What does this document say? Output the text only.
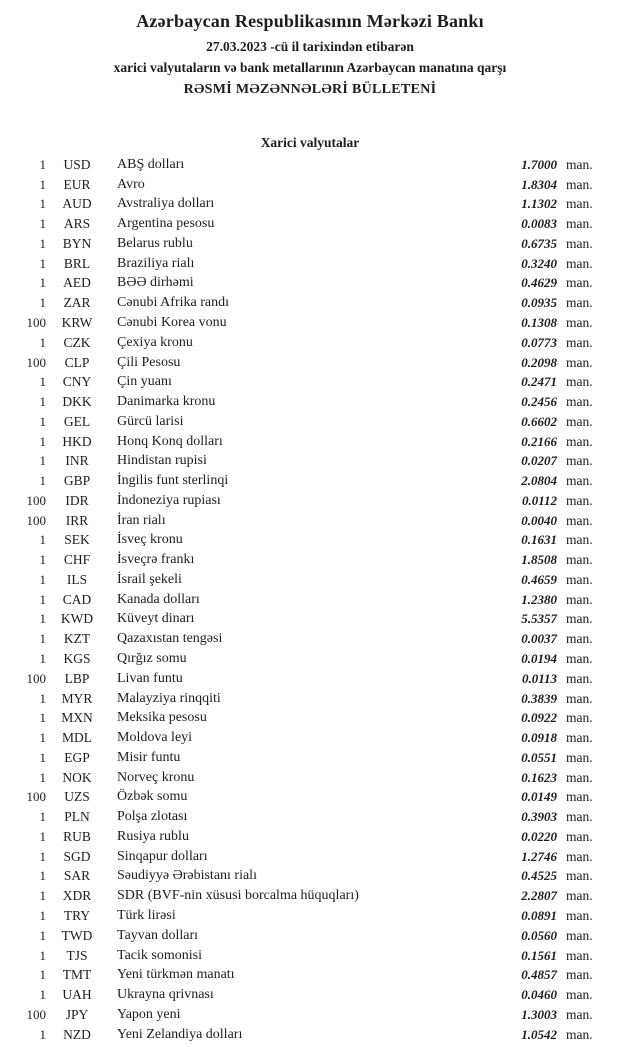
Azərbaycan Respublikasının Mərkəzi Bankı
27.03.2023 -cü il tarixindən etibarən
xarici valyutaların və bank metallarının Azərbaycan manatına qarşı
RƏSMİ MƏZƏNNƏLƏRİ BÜLLETENİ
Xarici valyutalar
1	USD	ABŞ dolları	1.7000 man.
1	EUR	Avro	1.8304 man.
1	AUD	Avstraliya dolları	1.1302 man.
1	ARS	Argentina pesosu	0.0083 man.
1	BYN	Belarus rublu	0.6735 man.
1	BRL	Braziliya rialı	0.3240 man.
1	AED	BƏƏ dirhəmi	0.4629 man.
1	ZAR	Cənubi Afrika randı	0.0935 man.
100	KRW	Cənubi Korea vonu	0.1308 man.
1	CZK	Çexiya kronu	0.0773 man.
100	CLP	Çili Pesosu	0.2098 man.
1	CNY	Çin yuanı	0.2471 man.
1	DKK	Danimarka kronu	0.2456 man.
1	GEL	Gürcü larisi	0.6602 man.
1	HKD	Honq Konq dolları	0.2166 man.
1	INR	Hindistan rupisi	0.0207 man.
1	GBP	İngilis funt sterlinqi	2.0804 man.
100	IDR	İndoneziya rupiası	0.0112 man.
100	IRR	İran rialı	0.0040 man.
1	SEK	İsveç kronu	0.1631 man.
1	CHF	İsveçrə frankı	1.8508 man.
1	ILS	İsrail şekeli	0.4659 man.
1	CAD	Kanada dolları	1.2380 man.
1	KWD	Küveyt dinarı	5.5357 man.
1	KZT	Qazaxıstan tengəsi	0.0037 man.
1	KGS	Qırğız somu	0.0194 man.
100	LBP	Livan funtu	0.0113 man.
1	MYR	Malayziya rinqqiti	0.3839 man.
1	MXN	Meksika pesosu	0.0922 man.
1	MDL	Moldova leyi	0.0918 man.
1	EGP	Misir funtu	0.0551 man.
1	NOK	Norveç kronu	0.1623 man.
100	UZS	Özbək somu	0.0149 man.
1	PLN	Polşa zlotası	0.3903 man.
1	RUB	Rusiya rublu	0.0220 man.
1	SGD	Sinqapur dolları	1.2746 man.
1	SAR	Səudiyyə Ərəbistanı rialı	0.4525 man.
1	XDR	SDR (BVF-nin xüsusi borcalma hüquqları)	2.2807 man.
1	TRY	Türk lirəsi	0.0891 man.
1	TWD	Tayvan dolları	0.0560 man.
1	TJS	Tacik somonisi	0.1561 man.
1	TMT	Yeni türkmən manatı	0.4857 man.
1	UAH	Ukrayna qrivnası	0.0460 man.
100	JPY	Yapon yeni	1.3003 man.
1	NZD	Yeni Zelandiya dolları	1.0542 man.
